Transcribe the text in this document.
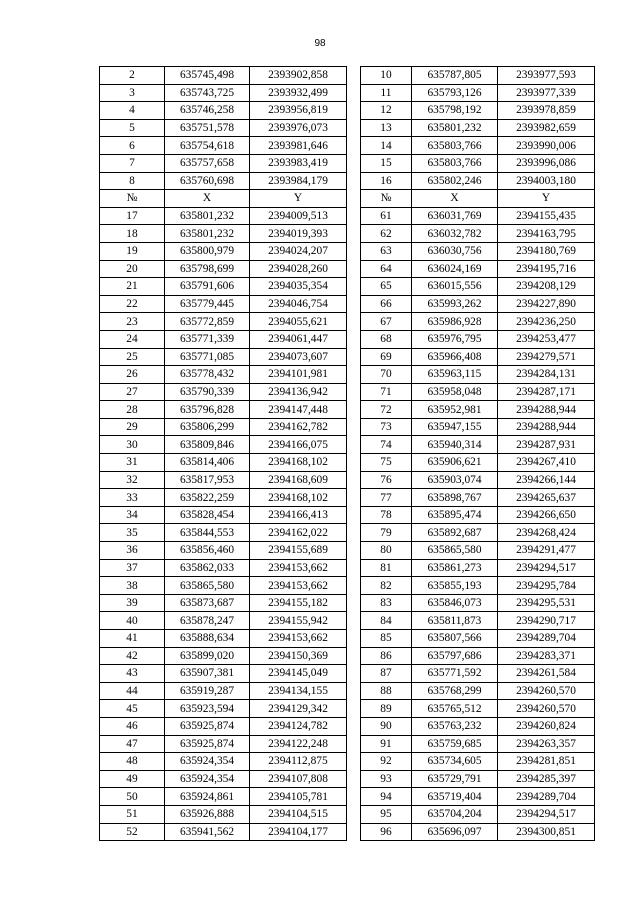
98
2	635745,498	2393902,858		10	635787,805	2393977,593
3	635743,725	2393932,499		11	635793,126	2393977,339
4	635746,258	2393956,819		12	635798,192	2393978,859
5	635751,578	2393976,073		13	635801,232	2393982,659
6	635754,618	2393981,646		14	635803,766	2393990,006
7	635757,658	2393983,419		15	635803,766	2393996,086
8	635760,698	2393984,179		16	635802,246	2394003,180
№	X	Y		№	X	Y
17	635801,232	2394009,513		61	636031,769	2394155,435
18	635801,232	2394019,393		62	636032,782	2394163,795
19	635800,979	2394024,207		63	636030,756	2394180,769
20	635798,699	2394028,260		64	636024,169	2394195,716
21	635791,606	2394035,354		65	636015,556	2394208,129
22	635779,445	2394046,754		66	635993,262	2394227,890
23	635772,859	2394055,621		67	635986,928	2394236,250
24	635771,339	2394061,447		68	635976,795	2394253,477
25	635771,085	2394073,607		69	635966,408	2394279,571
26	635778,432	2394101,981		70	635963,115	2394284,131
27	635790,339	2394136,942		71	635958,048	2394287,171
28	635796,828	2394147,448		72	635952,981	2394288,944
29	635806,299	2394162,782		73	635947,155	2394288,944
30	635809,846	2394166,075		74	635940,314	2394287,931
31	635814,406	2394168,102		75	635906,621	2394267,410
32	635817,953	2394168,609		76	635903,074	2394266,144
33	635822,259	2394168,102		77	635898,767	2394265,637
34	635828,454	2394166,413		78	635895,474	2394266,650
35	635844,553	2394162,022		79	635892,687	2394268,424
36	635856,460	2394155,689		80	635865,580	2394291,477
37	635862,033	2394153,662		81	635861,273	2394294,517
38	635865,580	2394153,662		82	635855,193	2394295,784
39	635873,687	2394155,182		83	635846,073	2394295,531
40	635878,247	2394155,942		84	635811,873	2394290,717
41	635888,634	2394153,662		85	635807,566	2394289,704
42	635899,020	2394150,369		86	635797,686	2394283,371
43	635907,381	2394145,049		87	635771,592	2394261,584
44	635919,287	2394134,155		88	635768,299	2394260,570
45	635923,594	2394129,342		89	635765,512	2394260,570
46	635925,874	2394124,782		90	635763,232	2394260,824
47	635925,874	2394122,248		91	635759,685	2394263,357
48	635924,354	2394112,875		92	635734,605	2394281,851
49	635924,354	2394107,808		93	635729,791	2394285,397
50	635924,861	2394105,781		94	635719,404	2394289,704
51	635926,888	2394104,515		95	635704,204	2394294,517
52	635941,562	2394104,177		96	635696,097	2394300,851
